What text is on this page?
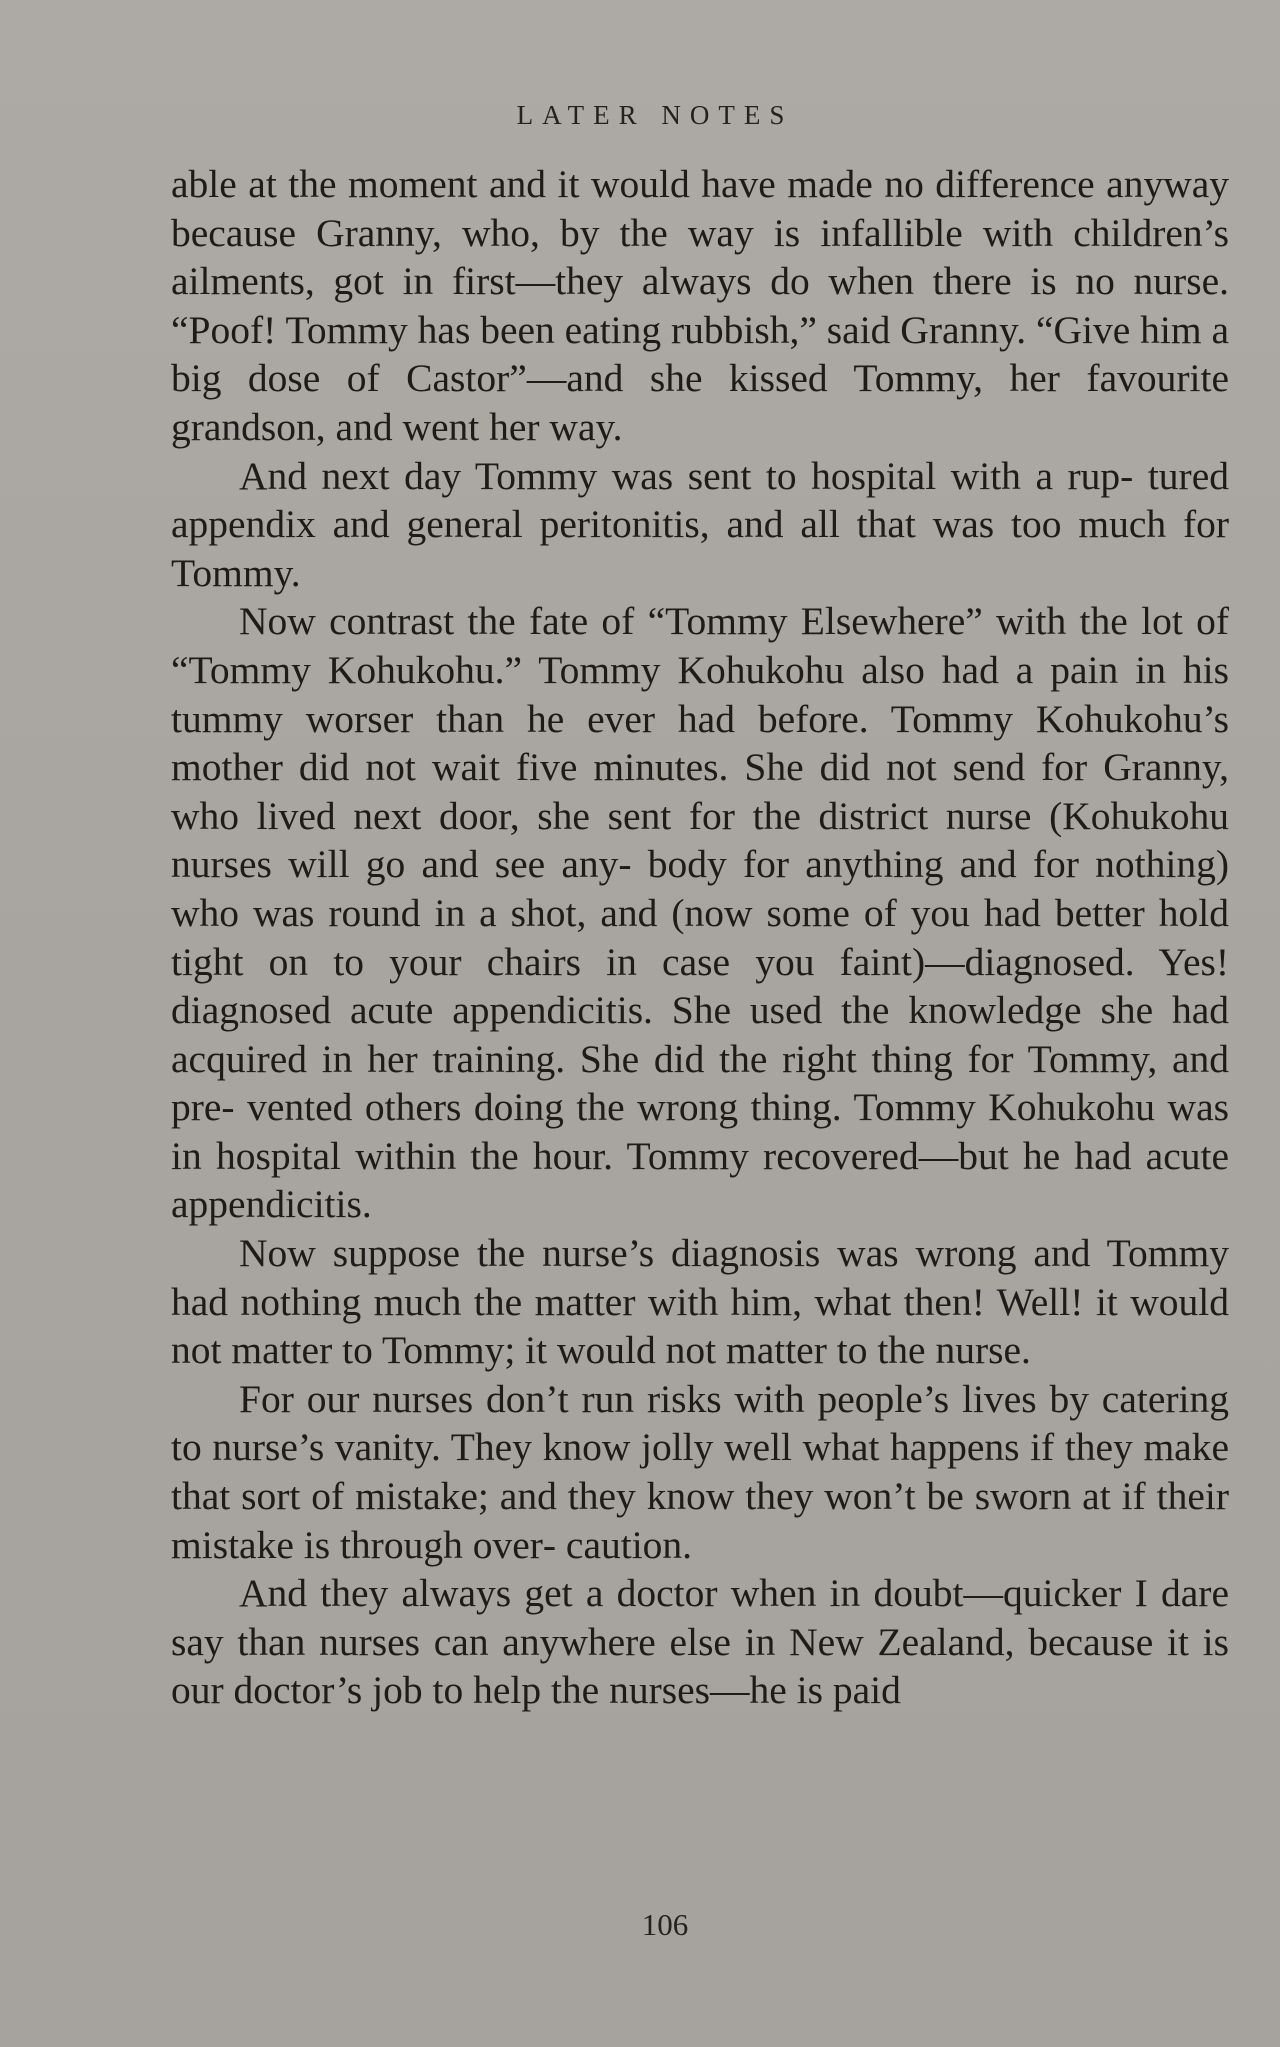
LATER NOTES

able at the moment and it would have made no difference anyway because Granny, who, by the way is infallible with children’s ailments, got in first—they always do when there is no nurse. “Poof! Tommy has been eating rubbish,” said Granny. “Give him a big dose of Castor”—and she kissed Tommy, her favourite grandson, and went her way.

And next day Tommy was sent to hospital with a rup‑ tured appendix and general peritonitis, and all that was too much for Tommy.

Now contrast the fate of “Tommy Elsewhere” with the lot of “Tommy Kohukohu.” Tommy Kohukohu also had a pain in his tummy worser than he ever had before. Tommy Kohukohu’s mother did not wait five minutes. She did not send for Granny, who lived next door, she sent for the district nurse (Kohukohu nurses will go and see any‑ body for anything and for nothing) who was round in a shot, and (now some of you had better hold tight on to your chairs in case you faint)—diagnosed. Yes! diagnosed acute appendicitis. She used the knowledge she had acquired in her training. She did the right thing for Tommy, and pre‑ vented others doing the wrong thing. Tommy Kohukohu was in hospital within the hour. Tommy recovered—but he had acute appendicitis.

Now suppose the nurse’s diagnosis was wrong and Tommy had nothing much the matter with him, what then! Well! it would not matter to Tommy; it would not matter to the nurse.

For our nurses don’t run risks with people’s lives by catering to nurse’s vanity. They know jolly well what happens if they make that sort of mistake; and they know they won’t be sworn at if their mistake is through over‑ caution.

And they always get a doctor when in doubt—quicker I dare say than nurses can anywhere else in New Zealand, because it is our doctor’s job to help the nurses—he is paid

106
